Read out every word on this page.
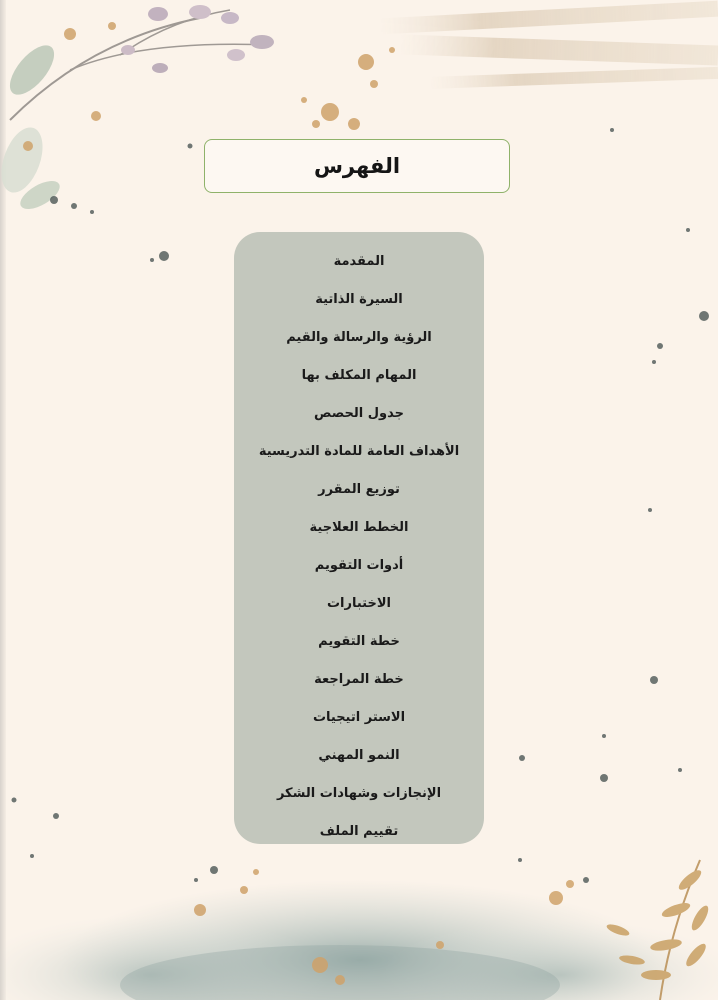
الفهرس
المقدمة
السيرة الذاتية
الرؤية والرسالة والقيم
المهام المكلف بها
جدول الحصص
الأهداف العامة للمادة التدريسية
توزيع المقرر
الخطط العلاجية
أدوات التقويم
الاختبارات
خطة التقويم
خطة المراجعة
الاستر اتيجيات
النمو المهني
الإنجازات وشهادات الشكر
تقييم الملف
